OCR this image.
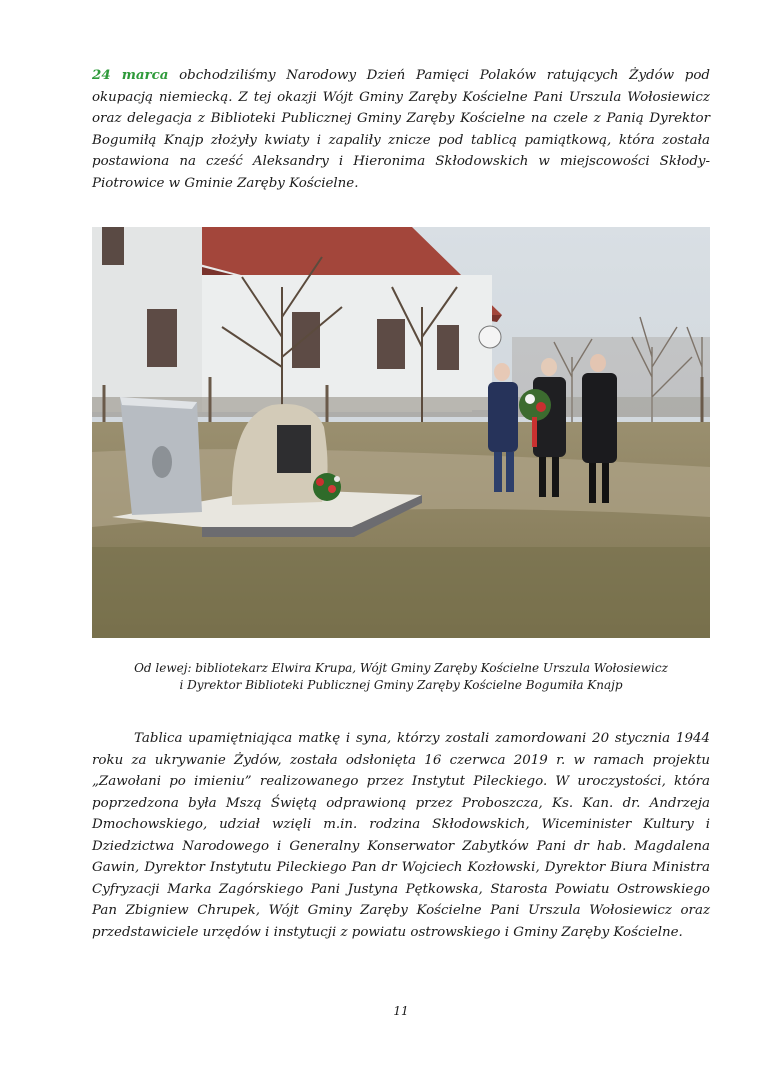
24 marca obchodziliśmy Narodowy Dzień Pamięci Polaków ratujących Żydów pod okupacją niemiecką. Z tej okazji Wójt Gminy Zaręby Kościelne Pani Urszula Wołosiewicz oraz delegacja z Biblioteki Publicznej Gminy Zaręby Kościelne na czele z Panią Dyrektor Bogumiłą Knajp złożyły kwiaty i zapaliły znicze pod tablicą pamiątkową, która została postawiona na cześć Aleksandry i Hieronima Skłodowskich w miejscowości Skłody-Piotrowice w Gminie Zaręby Kościelne.

Od lewej: bibliotekarz Elwira Krupa, Wójt Gminy Zaręby Kościelne Urszula Wołosiewicz
i Dyrektor Biblioteki Publicznej Gminy Zaręby Kościelne Bogumiła Knajp

Tablica upamiętniająca matkę i syna, którzy zostali zamordowani 20 stycznia 1944 roku za ukrywanie Żydów, została odsłonięta 16 czerwca 2019 r. w ramach projektu „Zawołani po imieniu” realizowanego przez Instytut Pileckiego. W uroczystości, która poprzedzona była Mszą Świętą odprawioną przez Proboszcza, Ks. Kan. dr. Andrzeja Dmochowskiego, udział wzięli m.in. rodzina Skłodowskich, Wiceminister Kultury i Dziedzictwa Narodowego i Generalny Konserwator Zabytków Pani dr hab. Magdalena Gawin, Dyrektor Instytutu Pileckiego Pan dr Wojciech Kozłowski, Dyrektor Biura Ministra Cyfryzacji Marka Zagórskiego Pani Justyna Pętkowska, Starosta Powiatu Ostrowskiego Pan Zbigniew Chrupek, Wójt Gminy Zaręby Kościelne Pani Urszula Wołosiewicz oraz przedstawiciele urzędów i instytucji z powiatu ostrowskiego i Gminy Zaręby Kościelne.

11
